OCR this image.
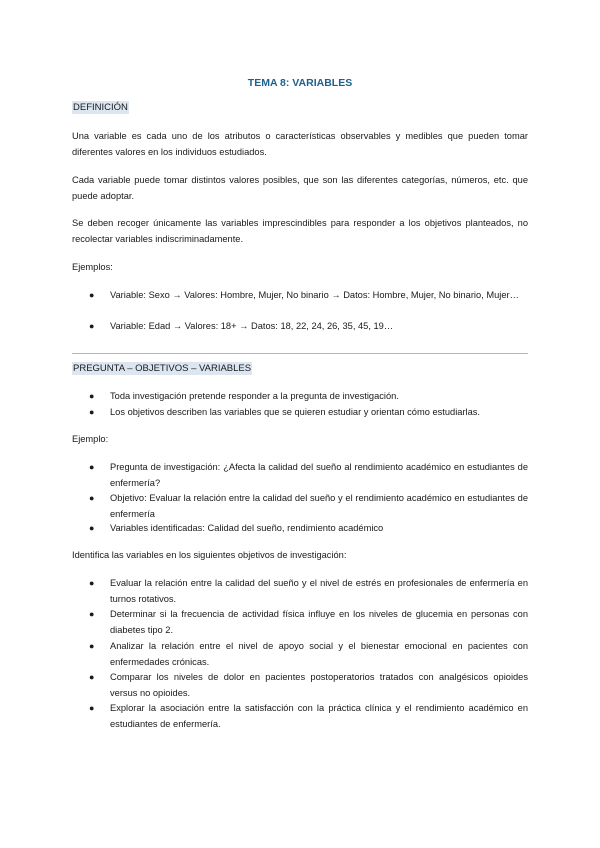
TEMA 8: VARIABLES
DEFINICIÓN
Una variable es cada uno de los atributos o características observables y medibles que pueden tomar diferentes valores en los individuos estudiados.
Cada variable puede tomar distintos valores posibles, que son las diferentes categorías, números, etc. que puede adoptar.
Se deben recoger únicamente las variables imprescindibles para responder a los objetivos planteados, no recolectar variables indiscriminadamente.
Ejemplos:
● Variable: Sexo → Valores: Hombre, Mujer, No binario → Datos: Hombre, Mujer, No binario, Mujer…
● Variable: Edad → Valores: 18+ → Datos: 18, 22, 24, 26, 35, 45, 19…
PREGUNTA – OBJETIVOS – VARIABLES
● Toda investigación pretende responder a la pregunta de investigación.
● Los objetivos describen las variables que se quieren estudiar y orientan cómo estudiarlas.
Ejemplo:
● Pregunta de investigación: ¿Afecta la calidad del sueño al rendimiento académico en estudiantes de enfermería?
● Objetivo: Evaluar la relación entre la calidad del sueño y el rendimiento académico en estudiantes de enfermería
● Variables identificadas: Calidad del sueño, rendimiento académico
Identifica las variables en los siguientes objetivos de investigación:
● Evaluar la relación entre la calidad del sueño y el nivel de estrés en profesionales de enfermería en turnos rotativos.
● Determinar si la frecuencia de actividad física influye en los niveles de glucemia en personas con diabetes tipo 2.
● Analizar la relación entre el nivel de apoyo social y el bienestar emocional en pacientes con enfermedades crónicas.
● Comparar los niveles de dolor en pacientes postoperatorios tratados con analgésicos opioides versus no opioides.
● Explorar la asociación entre la satisfacción con la práctica clínica y el rendimiento académico en estudiantes de enfermería.
